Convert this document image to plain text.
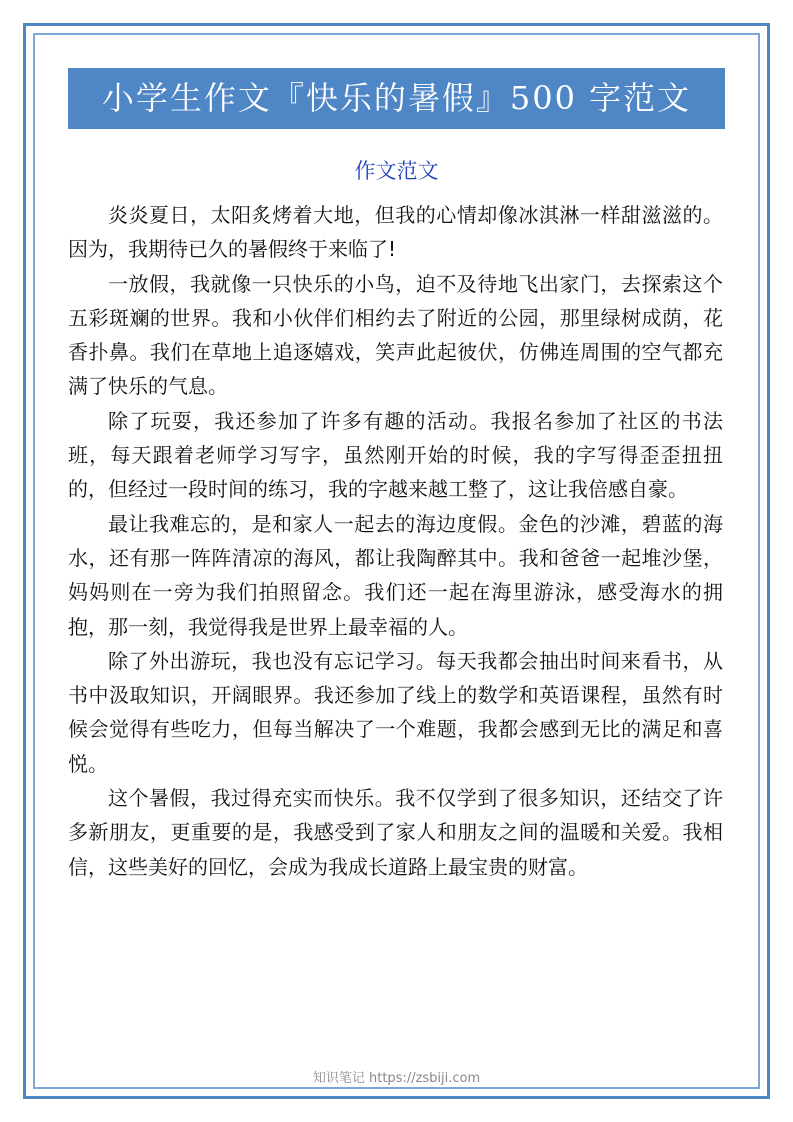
小学生作文『快乐的暑假』500 字范文
作文范文

炎炎夏日，太阳炙烤着大地，但我的心情却像冰淇淋一样甜滋滋的。因为，我期待已久的暑假终于来临了!

一放假，我就像一只快乐的小鸟，迫不及待地飞出家门，去探索这个五彩斑斓的世界。我和小伙伴们相约去了附近的公园，那里绿树成荫，花香扑鼻。我们在草地上追逐嬉戏，笑声此起彼伏，仿佛连周围的空气都充满了快乐的气息。

除了玩耍，我还参加了许多有趣的活动。我报名参加了社区的书法班，每天跟着老师学习写字，虽然刚开始的时候，我的字写得歪歪扭扭的，但经过一段时间的练习，我的字越来越工整了，这让我倍感自豪。

最让我难忘的，是和家人一起去的海边度假。金色的沙滩，碧蓝的海水，还有那一阵阵清凉的海风，都让我陶醉其中。我和爸爸一起堆沙堡，妈妈则在一旁为我们拍照留念。我们还一起在海里游泳，感受海水的拥抱，那一刻，我觉得我是世界上最幸福的人。

除了外出游玩，我也没有忘记学习。每天我都会抽出时间来看书，从书中汲取知识，开阔眼界。我还参加了线上的数学和英语课程，虽然有时候会觉得有些吃力，但每当解决了一个难题，我都会感到无比的满足和喜悦。

这个暑假，我过得充实而快乐。我不仅学到了很多知识，还结交了许多新朋友，更重要的是，我感受到了家人和朋友之间的温暖和关爱。我相信，这些美好的回忆，会成为我成长道路上最宝贵的财富。

知识笔记 https://zsbiji.com
